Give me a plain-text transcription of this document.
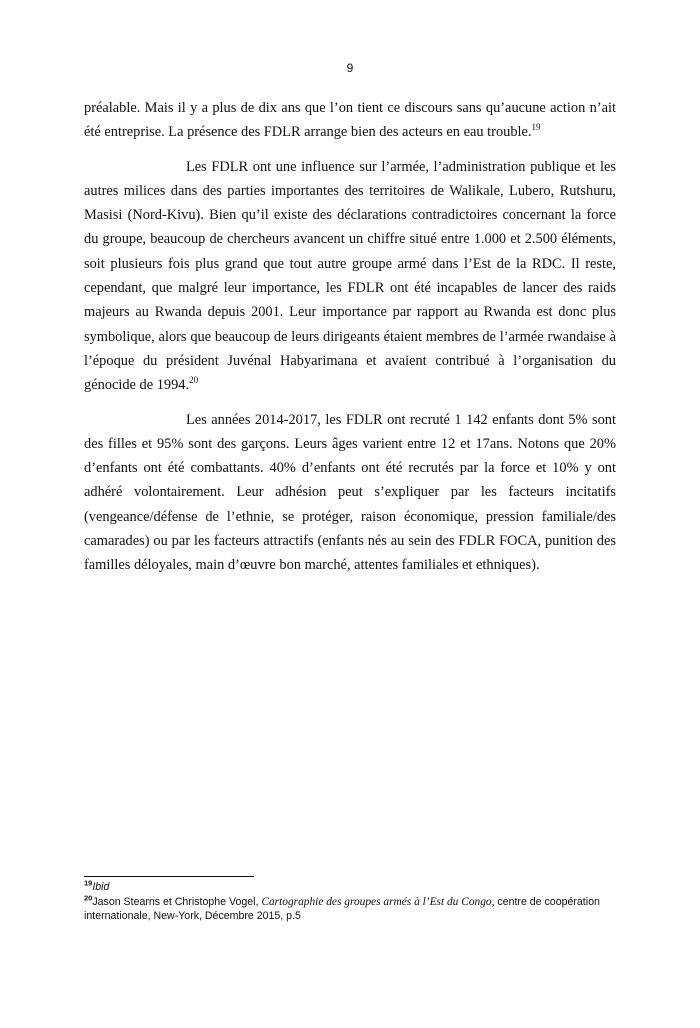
9

préalable. Mais il y a plus de dix ans que l’on tient ce discours sans qu’aucune action n’ait été entreprise. La présence des FDLR arrange bien des acteurs en eau trouble.$^{19}$

Les FDLR ont une influence sur l’armée, l’administration publique et les autres milices dans des parties importantes des territoires de Walikale, Lubero, Rutshuru, Masisi (Nord-Kivu). Bien qu’il existe des déclarations contradictoires concernant la force du groupe, beaucoup de chercheurs avancent un chiffre situé entre 1.000 et 2.500 éléments, soit plusieurs fois plus grand que tout autre groupe armé dans l’Est de la RDC. Il reste, cependant, que malgré leur importance, les FDLR ont été incapables de lancer des raids majeurs au Rwanda depuis 2001. Leur importance par rapport au Rwanda est donc plus symbolique, alors que beaucoup de leurs dirigeants étaient membres de l’armée rwandaise à l’époque du président Juvénal Habyarimana et avaient contribué à l’organisation du génocide de 1994.20

Les années 2014-2017, les FDLR ont recruté 1 142 enfants dont 5% sont des filles et 95% sont des garçons. Leurs âges varient entre 12 et 17ans. Notons que 20% d’enfants ont été combattants. 40% d’enfants ont été recrutés par la force et 10% y ont adhéré volontairement. Leur adhésion peut s’expliquer par les facteurs incitatifs (vengeance/défense de l’ethnie, se protéger, raison économique, pression familiale/des camarades) ou par les facteurs attractifs (enfants nés au sein des FDLR FOCA, punition des familles déloyales, main d’œuvre bon marché, attentes familiales et ethniques).

$^{19}$Ibid

$^{20}$Jason Stearns et Christophe Vogel, Cartographie des groupes armés à l’Est du Congo, centre de coopération internationale, New-York, Décembre 2015, p.5
